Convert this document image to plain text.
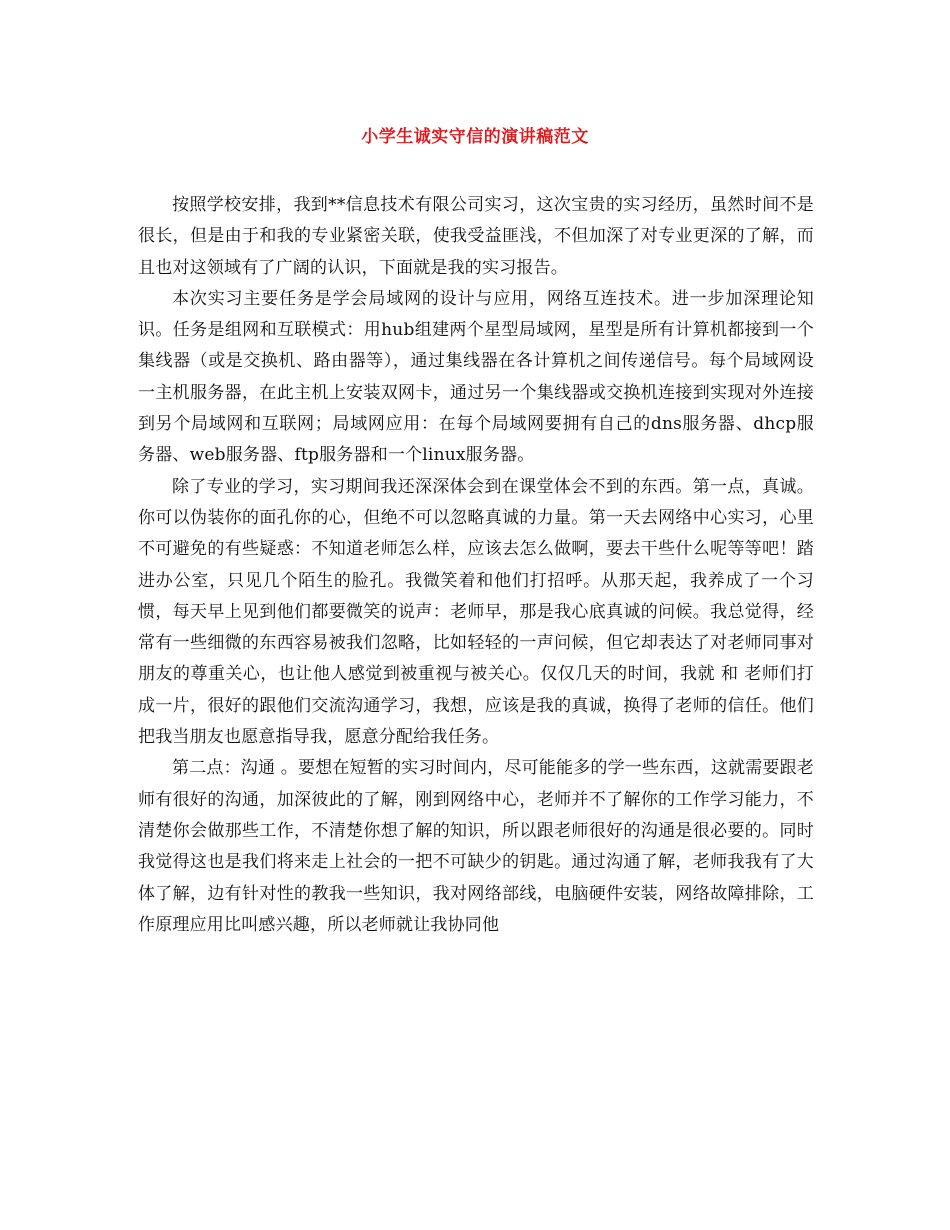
小学生诚实守信的演讲稿范文

按照学校安排，我到**信息技术有限公司实习，这次宝贵的实习经历，虽然时间不是很长，但是由于和我的专业紧密关联，使我受益匪浅，不但加深了对专业更深的了解，而且也对这领域有了广阔的认识，下面就是我的实习报告。

本次实习主要任务是学会局域网的设计与应用，网络互连技术。进一步加深理论知识。任务是组网和互联模式：用hub组建两个星型局域网，星型是所有计算机都接到一个集线器（或是交换机、路由器等），通过集线器在各计算机之间传递信号。每个局域网设一主机服务器，在此主机上安装双网卡，通过另一个集线器或交换机连接到实现对外连接到另个局域网和互联网；局域网应用：在每个局域网要拥有自己的dns服务器、dhcp服务器、web服务器、ftp服务器和一个linux服务器。

除了专业的学习，实习期间我还深深体会到在课堂体会不到的东西。第一点，真诚。你可以伪装你的面孔你的心，但绝不可以忽略真诚的力量。第一天去网络中心实习，心里不可避免的有些疑惑：不知道老师怎么样，应该去怎么做啊，要去干些什么呢等等吧！踏进办公室，只见几个陌生的脸孔。我微笑着和他们打招呼。从那天起，我养成了一个习惯，每天早上见到他们都要微笑的说声：老师早，那是我心底真诚的问候。我总觉得，经常有一些细微的东西容易被我们忽略，比如轻轻的一声问候，但它却表达了对老师同事对朋友的尊重关心，也让他人感觉到被重视与被关心。仅仅几天的时间，我就 和 老师们打成一片，很好的跟他们交流沟通学习，我想，应该是我的真诚，换得了老师的信任。他们把我当朋友也愿意指导我，愿意分配给我任务。

第二点：沟通 。要想在短暂的实习时间内，尽可能能多的学一些东西，这就需要跟老师有很好的沟通，加深彼此的了解，刚到网络中心，老师并不了解你的工作学习能力，不清楚你会做那些工作，不清楚你想了解的知识，所以跟老师很好的沟通是很必要的。同时我觉得这也是我们将来走上社会的一把不可缺少的钥匙。通过沟通了解，老师我我有了大体了解，边有针对性的教我一些知识，我对网络部线，电脑硬件安装，网络故障排除，工作原理应用比叫感兴趣，所以老师就让我协同他
